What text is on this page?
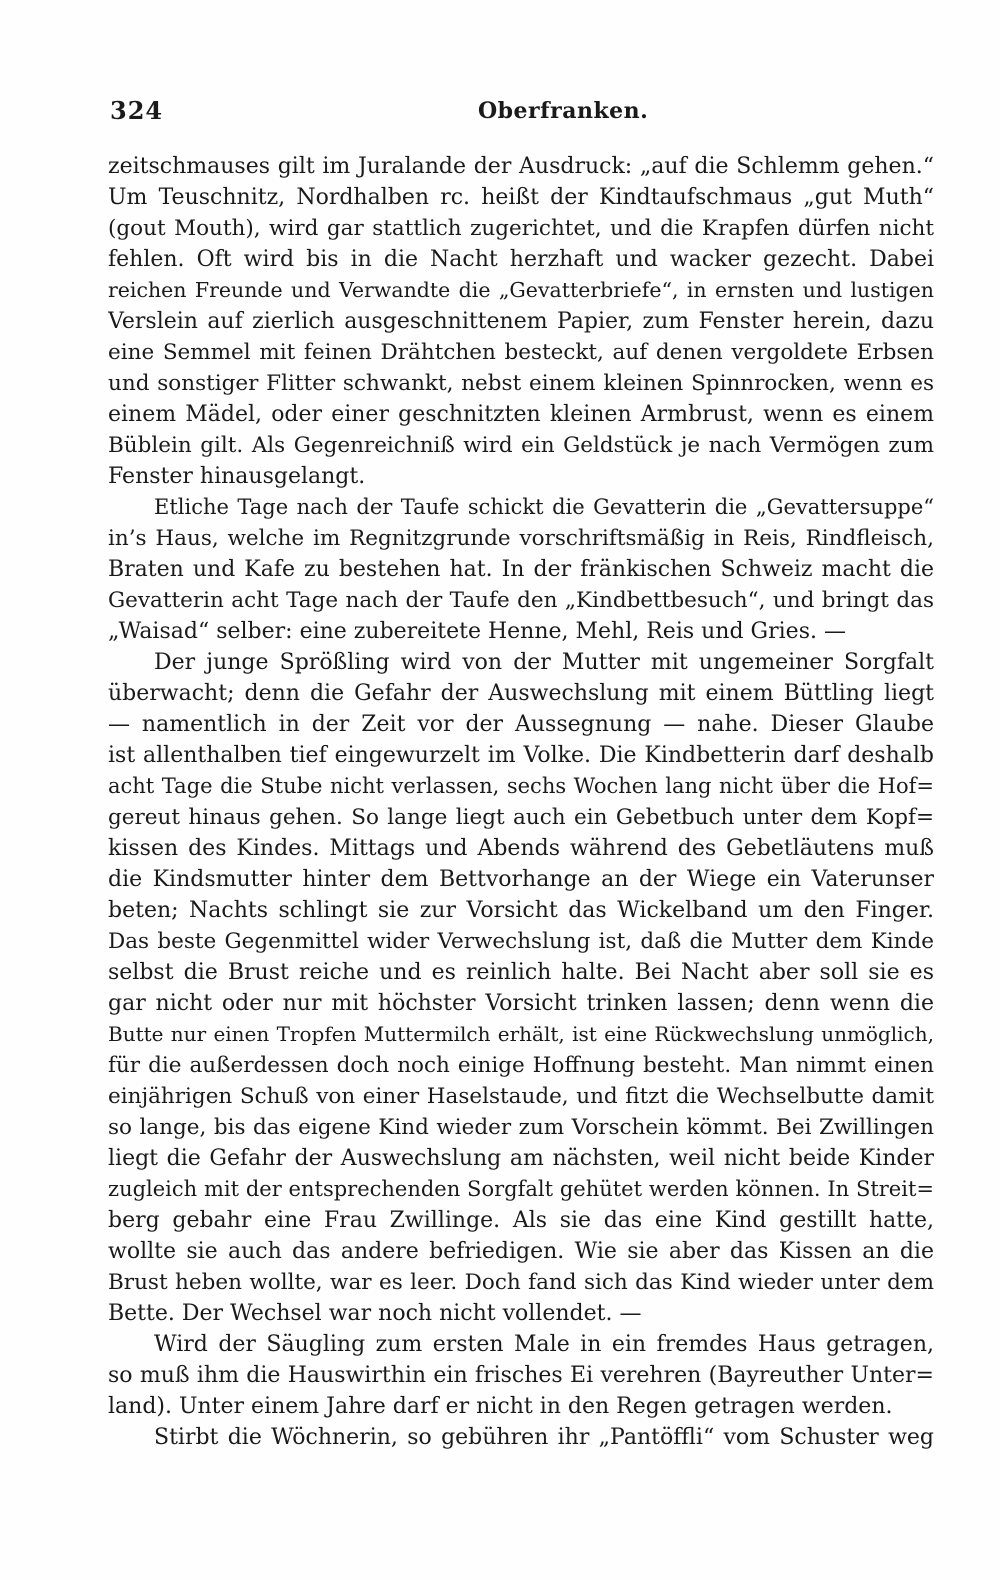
324	Oberfranken.
zeitschmauses gilt im Juralande der Ausdruck: „auf die Schlemm gehen.“
Um Teuschnitz, Nordhalben rc. heißt der Kindtaufschmaus „gut Muth“
(gout Mouth), wird gar stattlich zugerichtet, und die Krapfen dürfen nicht
fehlen. Oft wird bis in die Nacht herzhaft und wacker gezecht. Dabei
reichen Freunde und Verwandte die „Gevatterbriefe“, in ernsten und lustigen
Verslein auf zierlich ausgeschnittenem Papier, zum Fenster herein, dazu
eine Semmel mit feinen Drähtchen besteckt, auf denen vergoldete Erbsen
und sonstiger Flitter schwankt, nebst einem kleinen Spinnrocken, wenn es
einem Mädel, oder einer geschnitzten kleinen Armbrust, wenn es einem
Büblein gilt. Als Gegenreichniß wird ein Geldstück je nach Vermögen zum
Fenster hinausgelangt.
Etliche Tage nach der Taufe schickt die Gevatterin die „Gevattersuppe“
in’s Haus, welche im Regnitzgrunde vorschriftsmäßig in Reis, Rindfleisch,
Braten und Kafe zu bestehen hat. In der fränkischen Schweiz macht die
Gevatterin acht Tage nach der Taufe den „Kindbettbesuch“, und bringt das
„Waisad“ selber: eine zubereitete Henne, Mehl, Reis und Gries. —
Der junge Sprößling wird von der Mutter mit ungemeiner Sorgfalt
überwacht; denn die Gefahr der Auswechslung mit einem Büttling liegt
— namentlich in der Zeit vor der Aussegnung — nahe. Dieser Glaube
ist allenthalben tief eingewurzelt im Volke. Die Kindbetterin darf deshalb
acht Tage die Stube nicht verlassen, sechs Wochen lang nicht über die Hof=
gereut hinaus gehen. So lange liegt auch ein Gebetbuch unter dem Kopf=
kissen des Kindes. Mittags und Abends während des Gebetläutens muß
die Kindsmutter hinter dem Bettvorhange an der Wiege ein Vaterunser
beten; Nachts schlingt sie zur Vorsicht das Wickelband um den Finger.
Das beste Gegenmittel wider Verwechslung ist, daß die Mutter dem Kinde
selbst die Brust reiche und es reinlich halte. Bei Nacht aber soll sie es
gar nicht oder nur mit höchster Vorsicht trinken lassen; denn wenn die
Butte nur einen Tropfen Muttermilch erhält, ist eine Rückwechslung unmöglich,
für die außerdessen doch noch einige Hoffnung besteht. Man nimmt einen
einjährigen Schuß von einer Haselstaude, und fitzt die Wechselbutte damit
so lange, bis das eigene Kind wieder zum Vorschein kömmt. Bei Zwillingen
liegt die Gefahr der Auswechslung am nächsten, weil nicht beide Kinder
zugleich mit der entsprechenden Sorgfalt gehütet werden können. In Streit=
berg gebahr eine Frau Zwillinge. Als sie das eine Kind gestillt hatte,
wollte sie auch das andere befriedigen. Wie sie aber das Kissen an die
Brust heben wollte, war es leer. Doch fand sich das Kind wieder unter dem
Bette. Der Wechsel war noch nicht vollendet. —
Wird der Säugling zum ersten Male in ein fremdes Haus getragen,
so muß ihm die Hauswirthin ein frisches Ei verehren (Bayreuther Unter=
land). Unter einem Jahre darf er nicht in den Regen getragen werden.
Stirbt die Wöchnerin, so gebühren ihr „Pantöffli“ vom Schuster weg
